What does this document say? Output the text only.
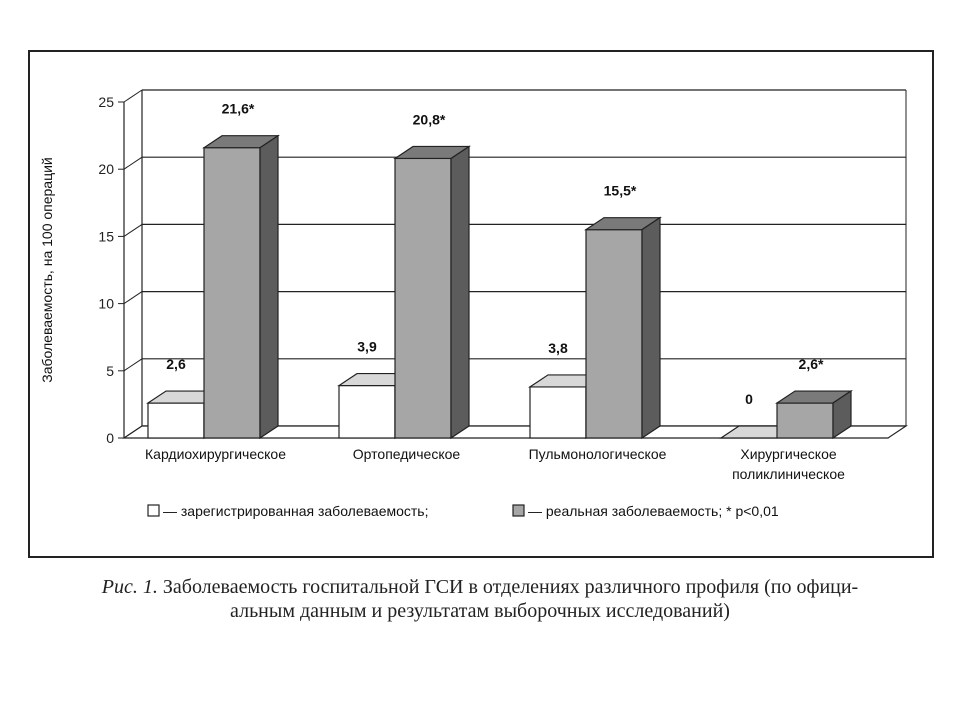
0
5
10
15
20
25
Заболеваемость, на 100 операций	2,6
21,6*
Кардиохирургическое
3,9
20,8*
Ортопедическое
3,8
15,5*
Пульмонологическое
0
2,6*
Хирургическое
поликлиническое
— зарегистрированная заболеваемость;	— реальная заболеваемость; * p<0,01
Рис. 1. Заболеваемость госпитальной ГСИ в отделениях различного профиля (по офици-
альным данным и результатам выборочных исследований)
